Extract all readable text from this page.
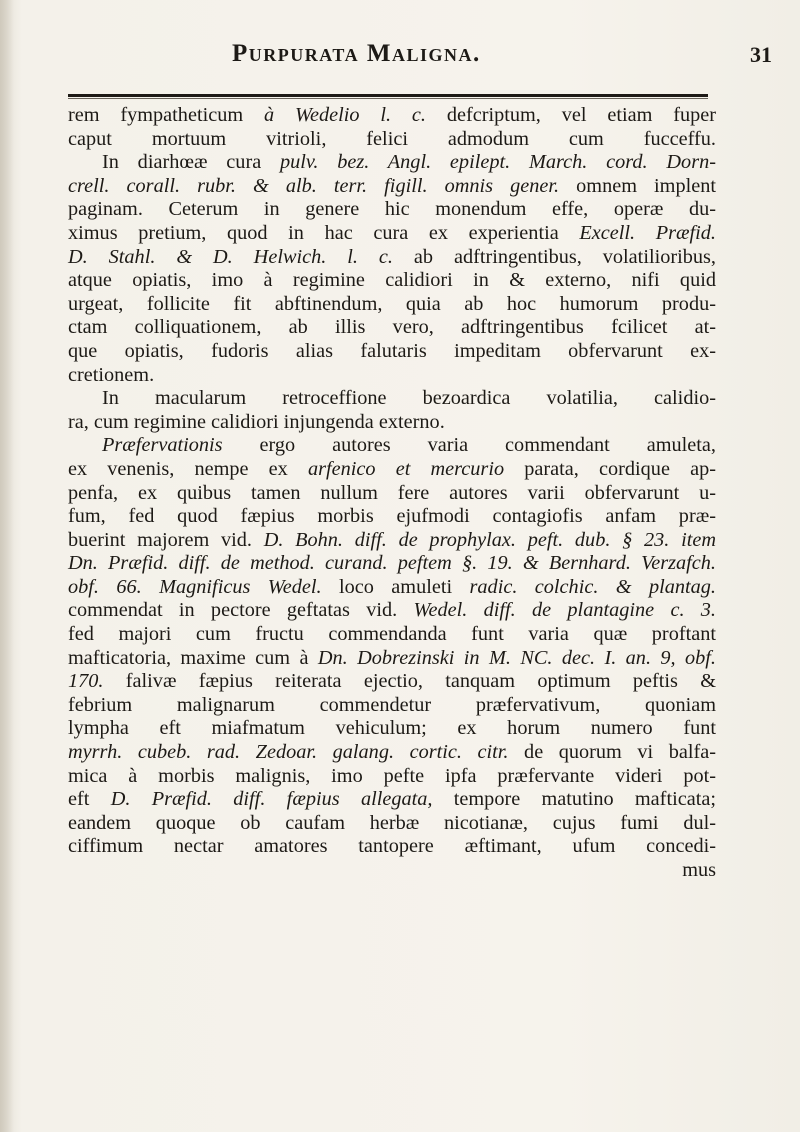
Purpurata Maligna.	31
rem fympatheticum à Wedelio l. c. defcriptum, vel etiam fuper
caput mortuum vitrioli, felici admodum cum fucceffu.
In diarhœæ cura pulv. bez. Angl. epilept. March. cord. Dorn-
crell. corall. rubr. & alb. terr. figill. omnis gener. omnem implent
paginam. Ceterum in genere hic monendum effe, operæ du-
ximus pretium, quod in hac cura ex experientia Excell. Præfid.
D. Stahl. & D. Helwich. l. c. ab adftringentibus, volatilioribus,
atque opiatis, imo à regimine calidiori in & externo, nifi quid
urgeat, follicite fit abftinendum, quia ab hoc humorum produ-
ctam colliquationem, ab illis vero, adftringentibus fcilicet at-
que opiatis, fudoris alias falutaris impeditam obfervarunt ex-
cretionem.
In macularum retroceffione bezoardica volatilia, calidio-
ra, cum regimine calidiori injungenda externo.
Præfervationis ergo autores varia commendant amuleta,
ex venenis, nempe ex arfenico et mercurio parata, cordique ap-
penfa, ex quibus tamen nullum fere autores varii obfervarunt u-
fum, fed quod fæpius morbis ejufmodi contagiofis anfam præ-
buerint majorem vid. D. Bohn. diff. de prophylax. peft. dub. § 23. item
Dn. Præfid. diff. de method. curand. peftem §. 19. & Bernhard. Verzafch.
obf. 66. Magnificus Wedel. loco amuleti radic. colchic. & plantag.
commendat in pectore geftatas vid. Wedel. diff. de plantagine c. 3.
fed majori cum fructu commendanda funt varia quæ proftant
mafticatoria, maxime cum à Dn. Dobrezinski in M. NC. dec. I. an. 9, obf.
170. falivæ fæpius reiterata ejectio, tanquam optimum peftis &
febrium malignarum commendetur præfervativum, quoniam
lympha eft miafmatum vehiculum; ex horum numero funt
myrrh. cubeb. rad. Zedoar. galang. cortic. citr. de quorum vi balfa-
mica à morbis malignis, imo pefte ipfa præfervante videri pot-
eft D. Præfid. diff. fæpius allegata, tempore matutino mafticata;
eandem quoque ob caufam herbæ nicotianæ, cujus fumi dul-
ciffimum nectar amatores tantopere æftimant, ufum concedi-
mus
